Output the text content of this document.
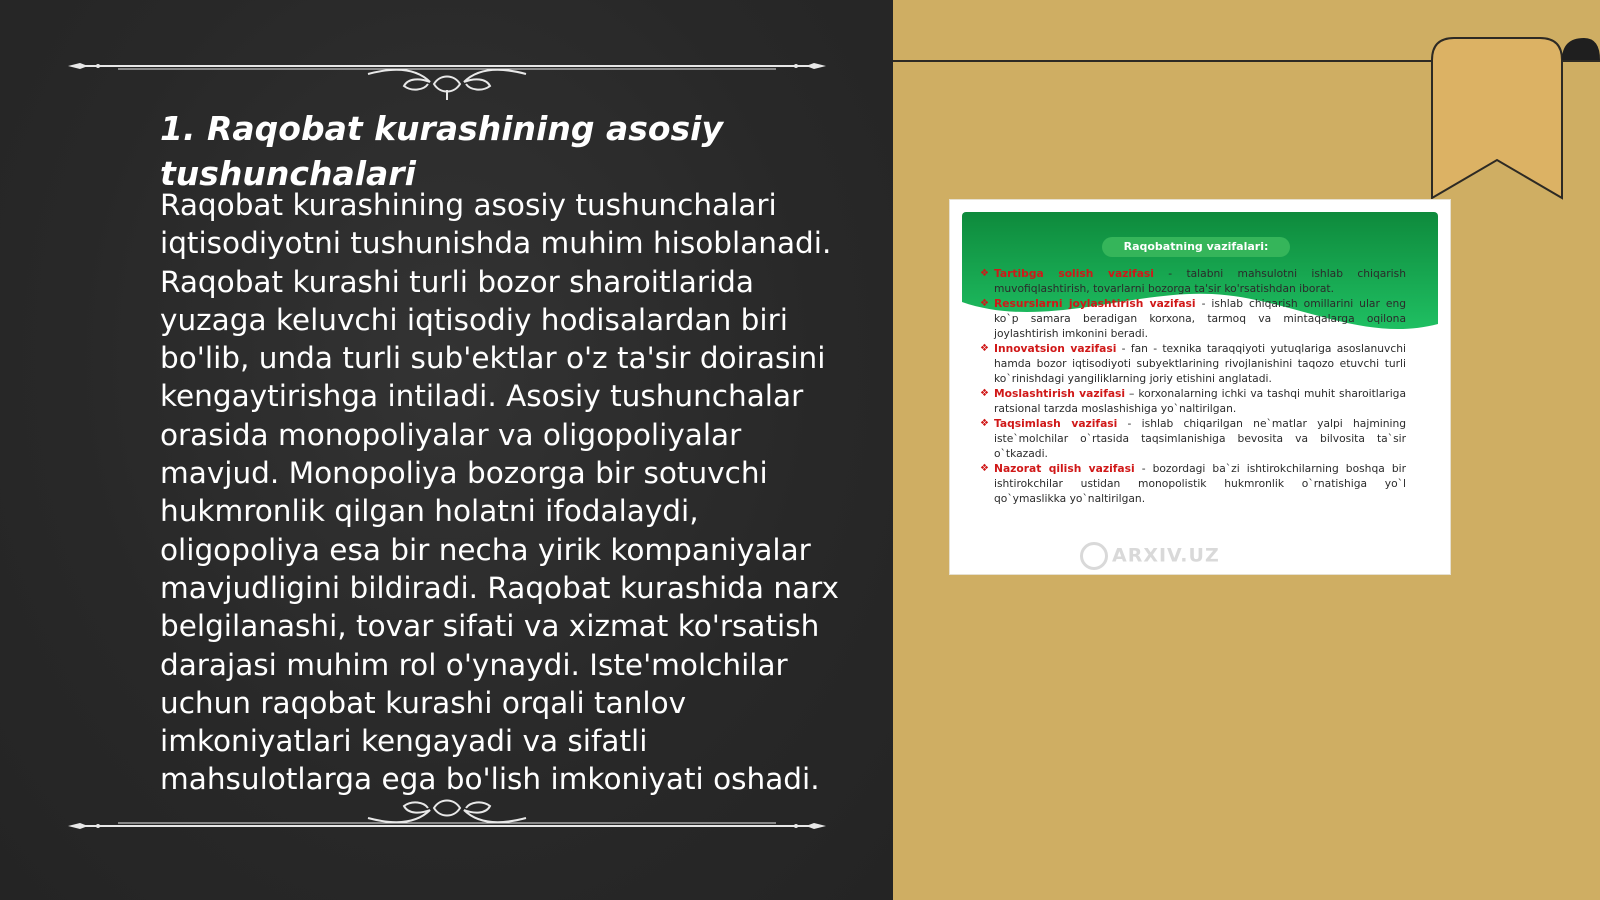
1. Raqobat kurashining asosiy tushunchalari

Raqobat kurashining asosiy tushunchalari iqtisodiyotni tushunishda muhim hisoblanadi. Raqobat kurashi turli bozor sharoitlarida yuzaga keluvchi iqtisodiy hodisalardan biri bo'lib, unda turli sub'ektlar o'z ta'sir doirasini kengaytirishga intiladi. Asosiy tushunchalar orasida monopoliyalar va oligopoliyalar mavjud. Monopoliya bozorga bir sotuvchi hukmronlik qilgan holatni ifodalaydi, oligopoliya esa bir necha yirik kompaniyalar mavjudligini bildiradi. Raqobat kurashida narx belgilanashi, tovar sifati va xizmat ko'rsatish darajasi muhim rol o'ynaydi. Iste'molchilar uchun raqobat kurashi orqali tanlov imkoniyatlari kengayadi va sifatli mahsulotlarga ega bo'lish imkoniyati oshadi.

Raqobatning vazifalari:
❖ Tartibga solish vazifasi - talabni mahsulotni ishlab chiqarish muvofiqlashtirish, tovarlarni bozorga ta'sir ko'rsatishdan iborat.
❖ Resurslarni joylashtirish vazifasi - ishlab chiqarish omillarini ular eng ko`p samara beradigan korxona, tarmoq va mintaqalarga oqilona joylashtirish imkonini beradi.
❖ Innovatsion vazifasi - fan - texnika taraqqiyoti yutuqlariga asoslanuvchi hamda bozor iqtisodiyoti subyektlarining rivojlanishini taqozo etuvchi turli ko`rinishdagi yangiliklarning joriy etishini anglatadi.
❖ Moslashtirish vazifasi – korxonalarning ichki va tashqi muhit sharoitlariga ratsional tarzda moslashishiga yo`naltirilgan.
❖ Taqsimlash vazifasi - ishlab chiqarilgan ne`matlar yalpi hajmining iste`molchilar o`rtasida taqsimlanishiga bevosita va bilvosita ta`sir o`tkazadi.
❖ Nazorat qilish vazifasi - bozordagi ba`zi ishtirokchilarning boshqa bir ishtirokchilar ustidan monopolistik hukmronlik o`rnatishiga yo`l qo`ymaslikka yo`naltirilgan.
ARXIV.UZ
